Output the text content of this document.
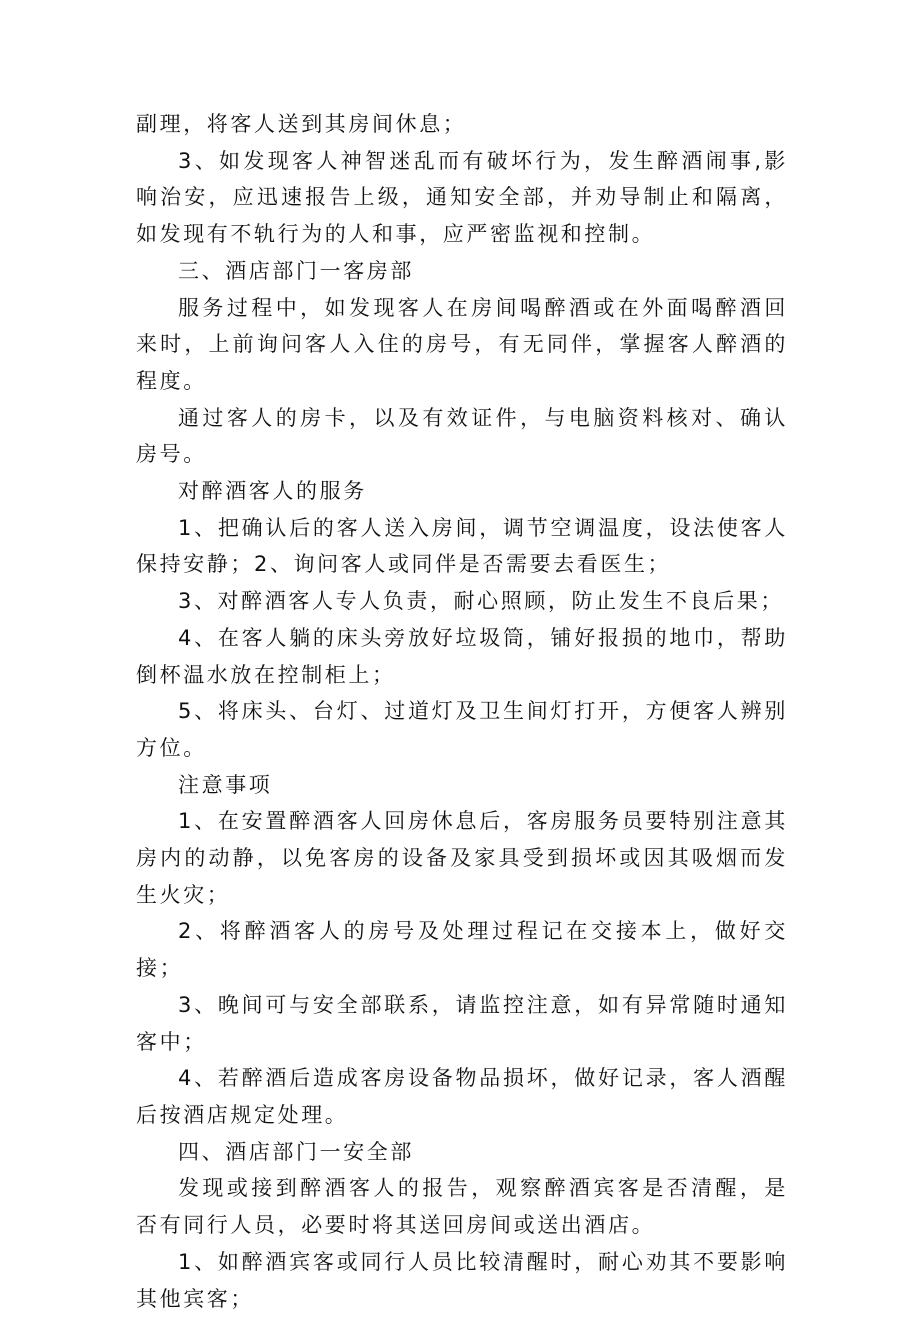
副理，将客人送到其房间休息；

3、如发现客人神智迷乱而有破坏行为，发生醉酒闹事,影响治安，应迅速报告上级，通知安全部，并劝导制止和隔离，如发现有不轨行为的人和事，应严密监视和控制。

三、酒店部门一客房部

服务过程中，如发现客人在房间喝醉酒或在外面喝醉酒回来时，上前询问客人入住的房号，有无同伴，掌握客人醉酒的程度。

通过客人的房卡，以及有效证件，与电脑资料核对、确认房号。

对醉酒客人的服务

1、把确认后的客人送入房间，调节空调温度，设法使客人保持安静；2、询问客人或同伴是否需要去看医生；

3、对醉酒客人专人负责，耐心照顾，防止发生不良后果；

4、在客人躺的床头旁放好垃圾筒，铺好报损的地巾，帮助倒杯温水放在控制柜上；

5、将床头、台灯、过道灯及卫生间灯打开，方便客人辨别方位。

注意事项

1、在安置醉酒客人回房休息后，客房服务员要特别注意其房内的动静，以免客房的设备及家具受到损坏或因其吸烟而发生火灾；

2、将醉酒客人的房号及处理过程记在交接本上，做好交接；

3、晚间可与安全部联系，请监控注意，如有异常随时通知客中；

4、若醉酒后造成客房设备物品损坏，做好记录，客人酒醒后按酒店规定处理。

四、酒店部门一安全部

发现或接到醉酒客人的报告，观察醉酒宾客是否清醒，是否有同行人员，必要时将其送回房间或送出酒店。

1、如醉酒宾客或同行人员比较清醒时，耐心劝其不要影响其他宾客；
